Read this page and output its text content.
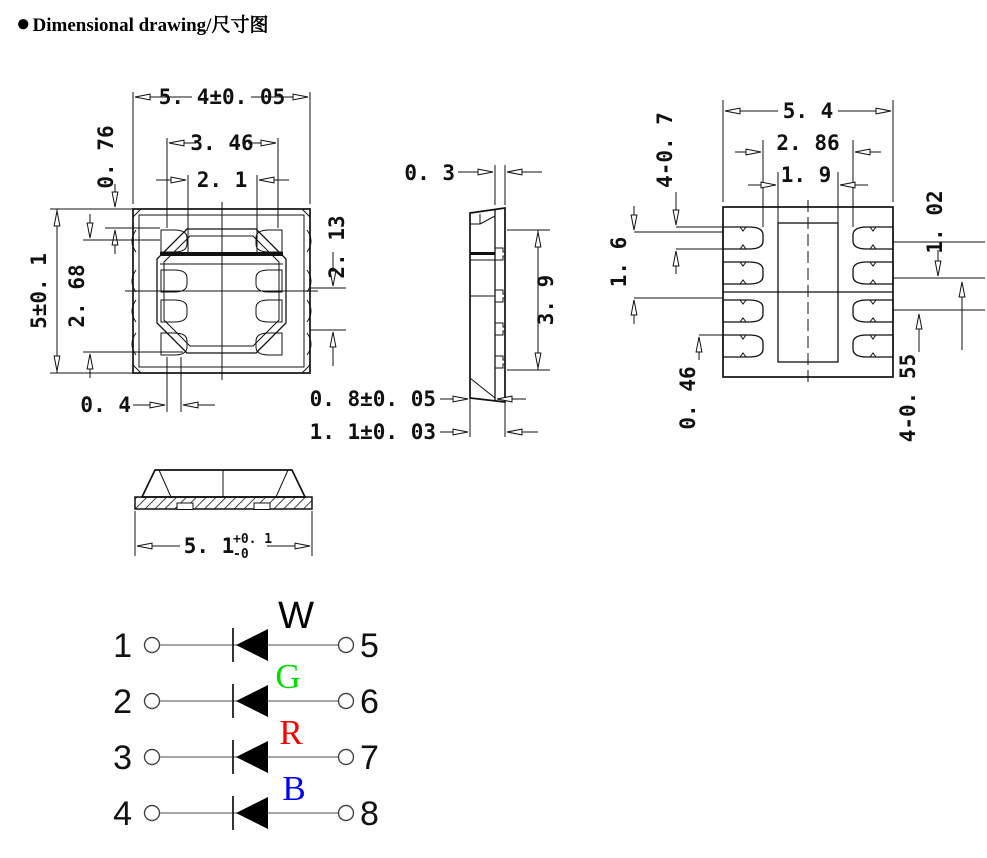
● Dimensional drawing/尺寸图
5. 4±0. 05
3. 46
2. 1
0. 76
5±0. 1 2. 68
2. 13
0. 4
0. 3
3. 9
0. 8±0. 05
1. 1±0. 03
5. 4
2. 86
1. 9
4-0. 7
1. 6
0. 46
1. 02
4-0. 55
5. 1
+0. 1
-0
1	5
W
2	6
G
3	7
R
4	8
B
